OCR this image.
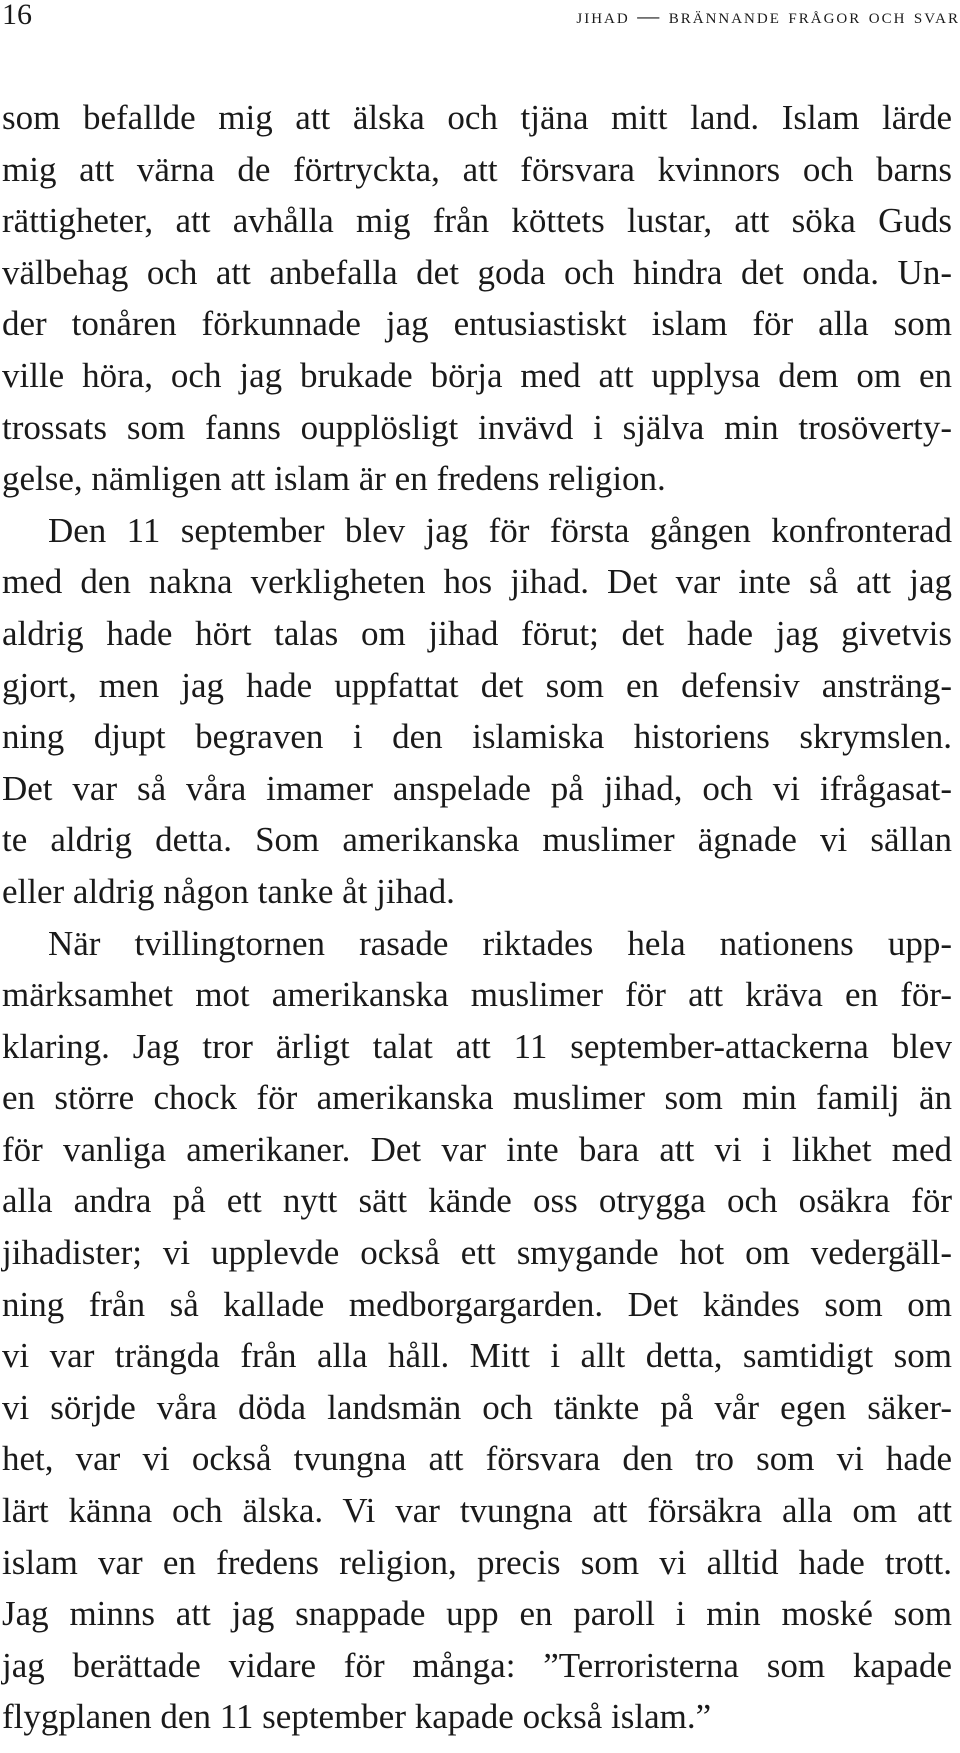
16	jihad — brännande frågor och svar
som befallde mig att älska och tjäna mitt land. Islam lärde
mig att värna de förtryckta, att försvara kvinnors och barns
rättigheter, att avhålla mig från köttets lustar, att söka Guds
välbehag och att anbefalla det goda och hindra det onda. Un-
der tonåren förkunnade jag entusiastiskt islam för alla som
ville höra, och jag brukade börja med att upplysa dem om en
trossats som fanns oupplösligt invävd i själva min trosöverty-
gelse, nämligen att islam är en fredens religion.
Den 11 september blev jag för första gången konfronterad
med den nakna verkligheten hos jihad. Det var inte så att jag
aldrig hade hört talas om jihad förut; det hade jag givetvis
gjort, men jag hade uppfattat det som en defensiv ansträng-
ning djupt begraven i den islamiska historiens skrymslen.
Det var så våra imamer anspelade på jihad, och vi ifrågasat-
te aldrig detta. Som amerikanska muslimer ägnade vi sällan
eller aldrig någon tanke åt jihad.
När tvillingtornen rasade riktades hela nationens upp-
märksamhet mot amerikanska muslimer för att kräva en för-
klaring. Jag tror ärligt talat att 11 september-attackerna blev
en större chock för amerikanska muslimer som min familj än
för vanliga amerikaner. Det var inte bara att vi i likhet med
alla andra på ett nytt sätt kände oss otrygga och osäkra för
jihadister; vi upplevde också ett smygande hot om vedergäll-
ning från så kallade medborgargarden. Det kändes som om
vi var trängda från alla håll. Mitt i allt detta, samtidigt som
vi sörjde våra döda landsmän och tänkte på vår egen säker-
het, var vi också tvungna att försvara den tro som vi hade
lärt känna och älska. Vi var tvungna att försäkra alla om att
islam var en fredens religion, precis som vi alltid hade trott.
Jag minns att jag snappade upp en paroll i min moské som
jag berättade vidare för många: ”Terroristerna som kapade
flygplanen den 11 september kapade också islam.”
